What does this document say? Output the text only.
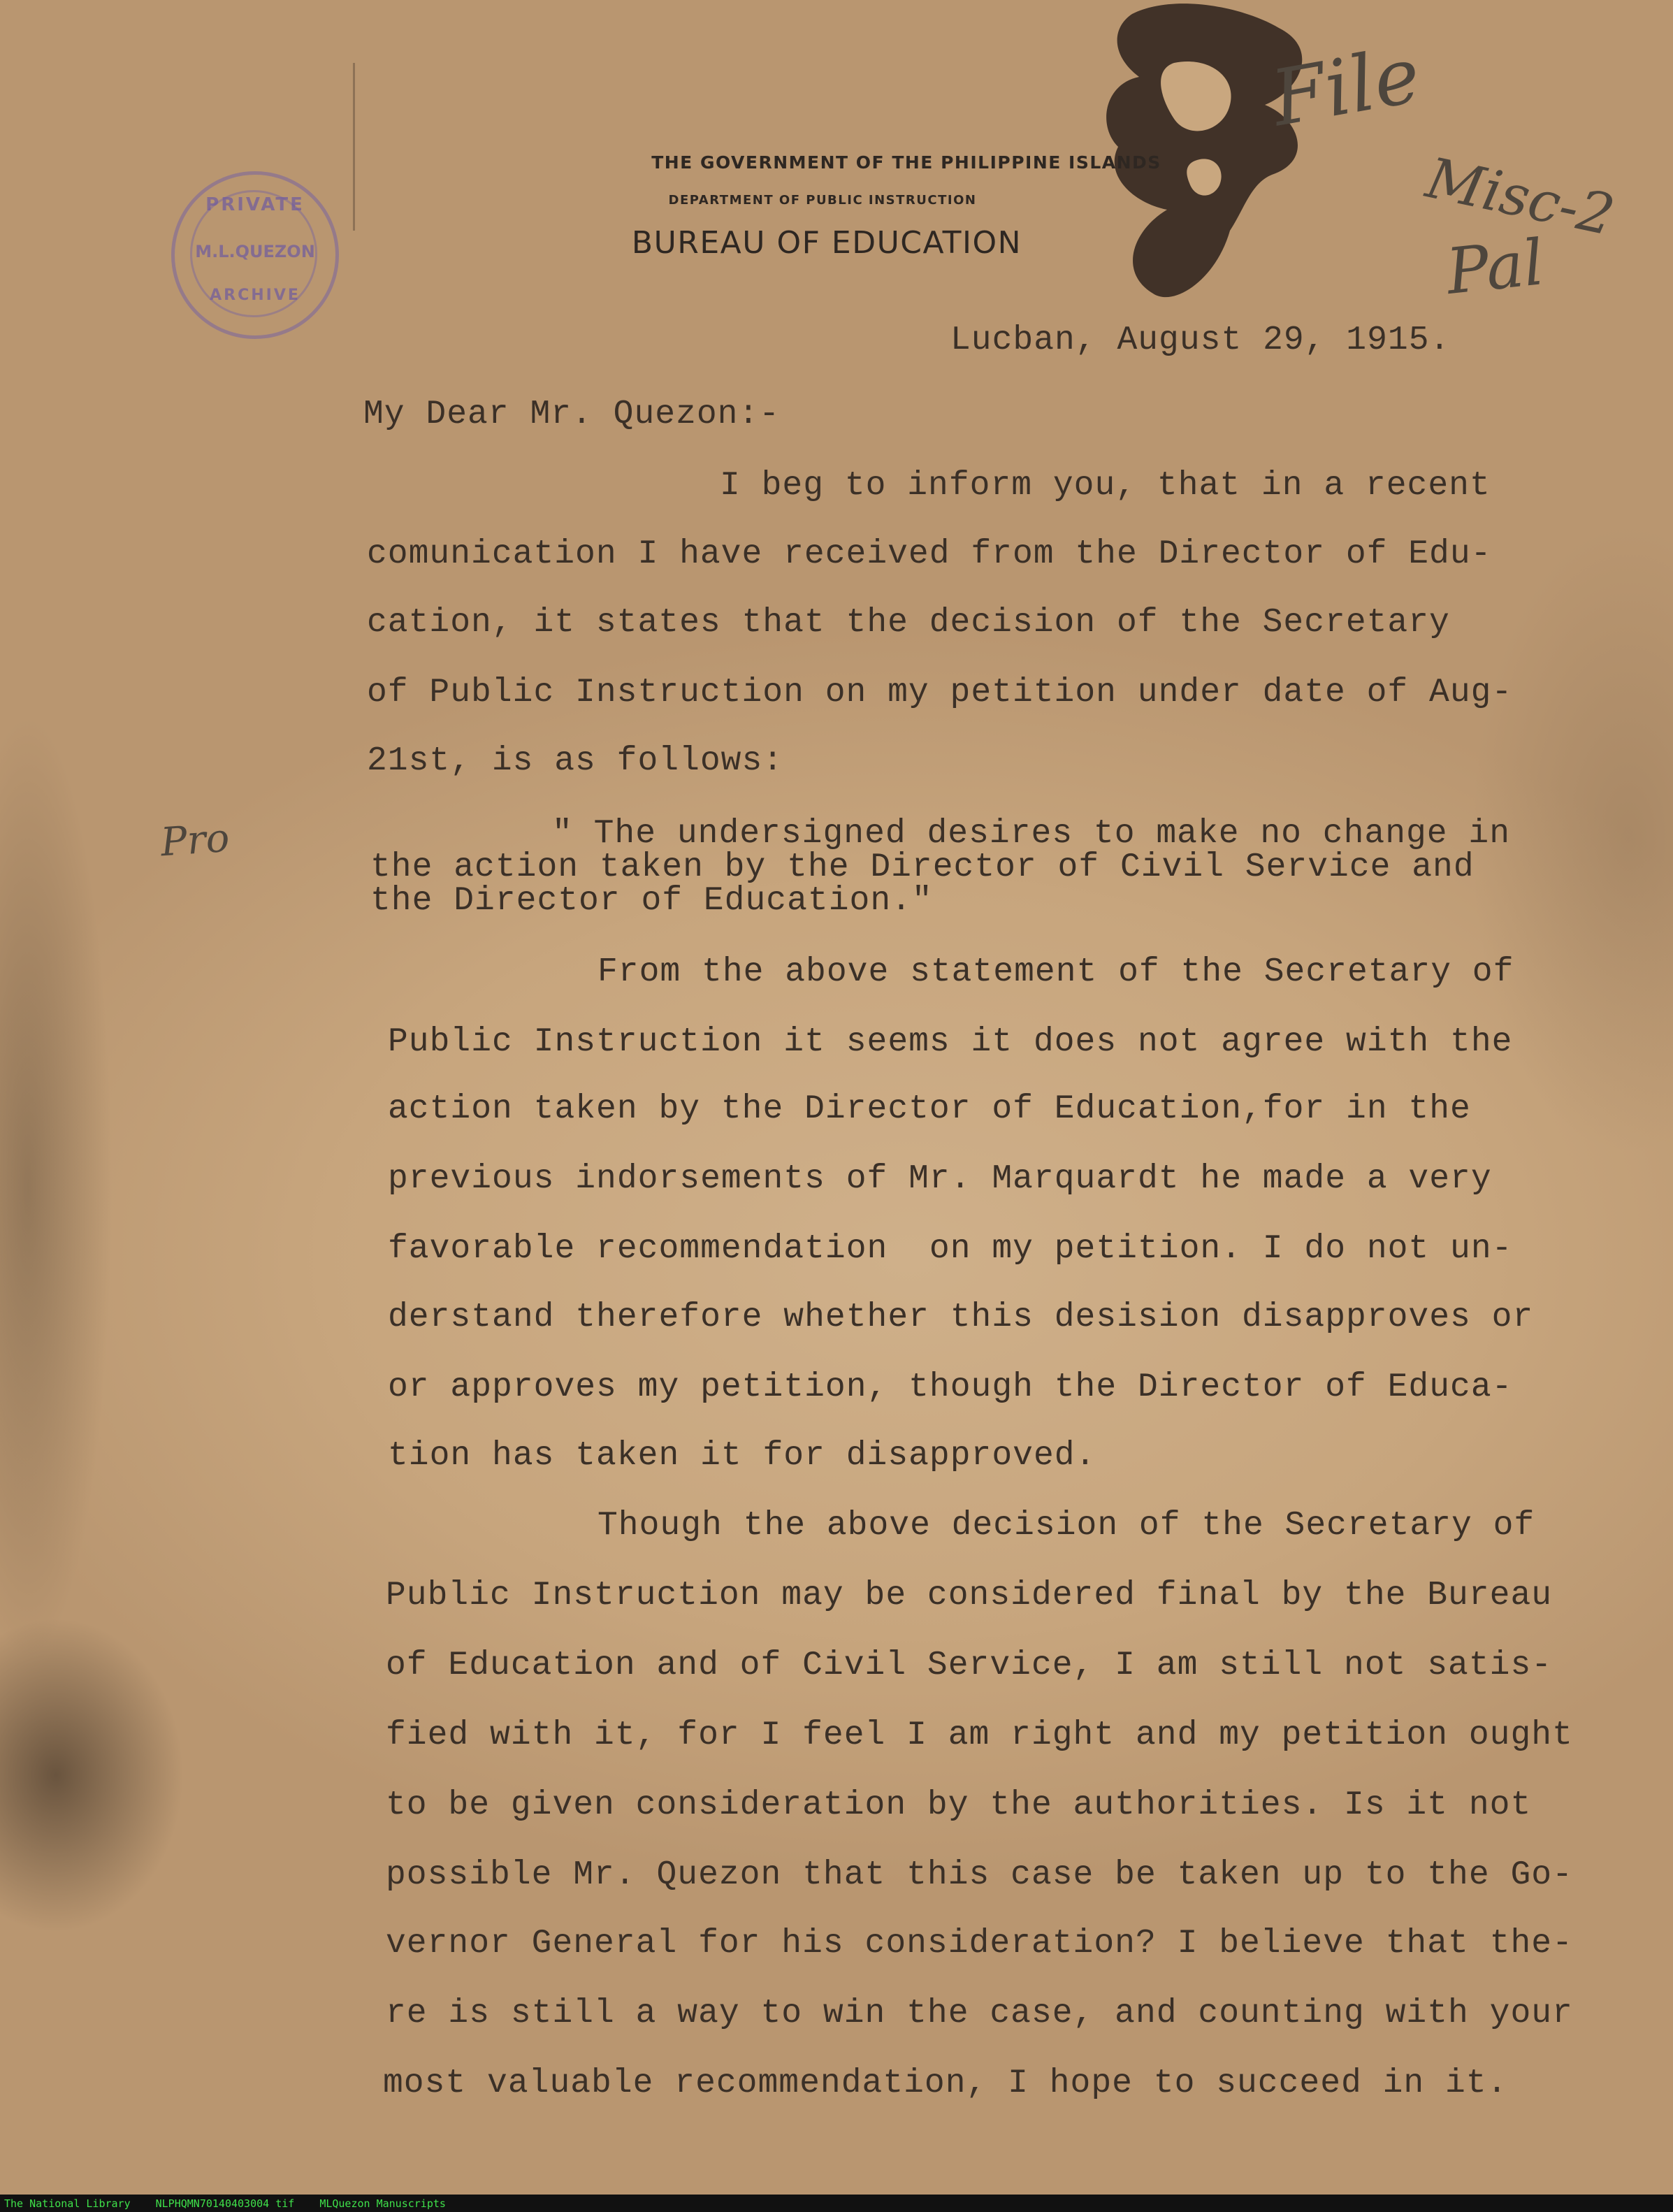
THE GOVERNMENT OF THE PHILIPPINE ISLANDS

DEPARTMENT OF PUBLIC INSTRUCTION

BUREAU OF EDUCATION

PRIVATE
M.L.QUEZON
ARCHIVE

File

Misc-2

Pal

Pro

Lucban, August 29, 1915.

My Dear Mr. Quezon:-

I beg to inform you, that in a recent

comunication I have received from the Director of Edu-

cation, it states that the decision of the Secretary

of Public Instruction on my petition under date of Aug-

21st, is as follows:

" The undersigned desires to make no change in

the action taken by the Director of Civil Service and

the Director of Education."

From the above statement of the Secretary of

Public Instruction it seems it does not agree with the

action taken by the Director of Education,for in the

previous indorsements of Mr. Marquardt he made a very

favorable recommendation  on my petition. I do not un-

derstand therefore whether this desision disapproves or

or approves my petition, though the Director of Educa-

tion has taken it for disapproved.

Though the above decision of the Secretary of

Public Instruction may be considered final by the Bureau

of Education and of Civil Service, I am still not satis-

fied with it, for I feel I am right and my petition ought

to be given consideration by the authorities. Is it not

possible Mr. Quezon that this case be taken up to the Go-

vernor General for his consideration? I believe that the-

re is still a way to win the case, and counting with your

most valuable recommendation, I hope to succeed in it.

The National Library NLPHQMN70140403004 tif MLQuezon Manuscripts
